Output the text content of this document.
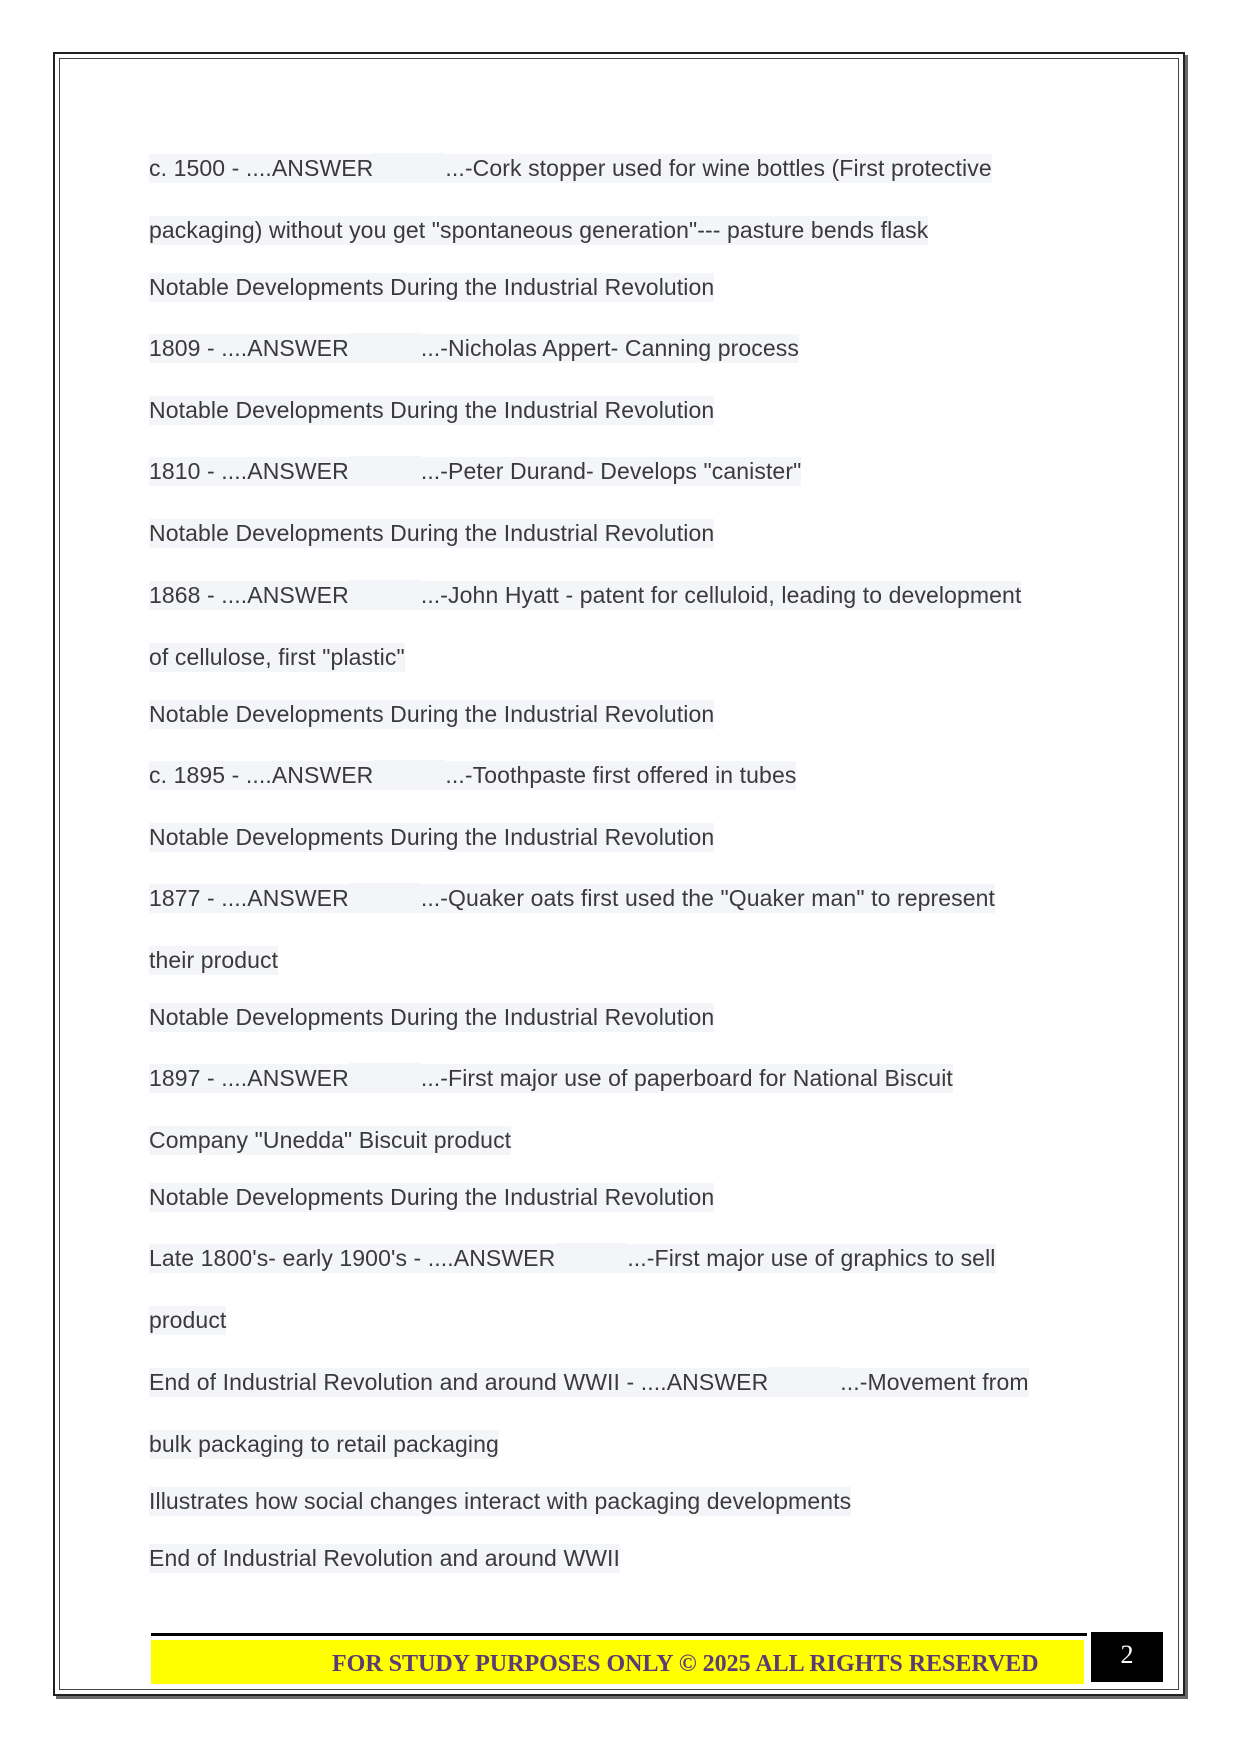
c. 1500 - ....ANSWER	...-Cork stopper used for wine bottles (First protective
packaging) without you get "spontaneous generation"--- pasture bends flask
Notable Developments During the Industrial Revolution
1809 - ....ANSWER	...-Nicholas Appert- Canning process
Notable Developments During the Industrial Revolution
1810 - ....ANSWER	...-Peter Durand- Develops "canister"
Notable Developments During the Industrial Revolution
1868 - ....ANSWER	...-John Hyatt - patent for celluloid, leading to development
of cellulose, first "plastic"
Notable Developments During the Industrial Revolution
c. 1895 - ....ANSWER	...-Toothpaste first offered in tubes
Notable Developments During the Industrial Revolution
1877 - ....ANSWER	...-Quaker oats first used the "Quaker man" to represent
their product
Notable Developments During the Industrial Revolution
1897 - ....ANSWER	...-First major use of paperboard for National Biscuit
Company "Unedda" Biscuit product
Notable Developments During the Industrial Revolution
Late 1800's- early 1900's - ....ANSWER	...-First major use of graphics to sell
product
End of Industrial Revolution and around WWII - ....ANSWER	...-Movement from
bulk packaging to retail packaging
Illustrates how social changes interact with packaging developments
End of Industrial Revolution and around WWII
FOR STUDY PURPOSES ONLY © 2025 ALL RIGHTS RESERVED	2
